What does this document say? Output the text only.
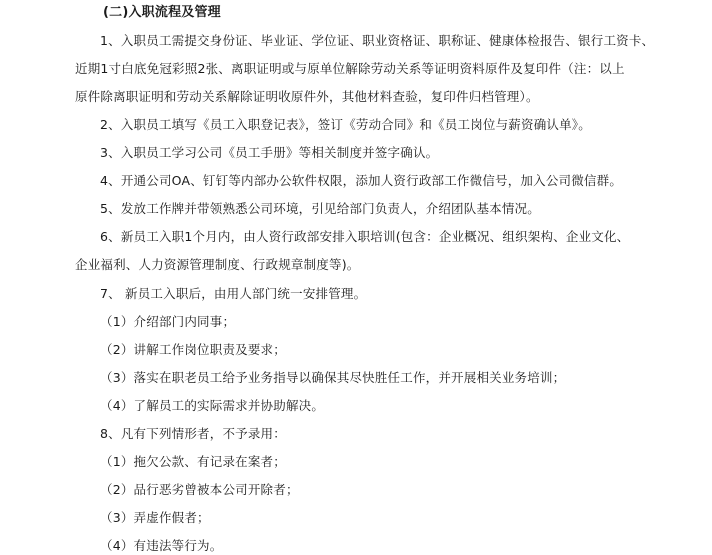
(二)入职流程及管理
1、入职员工需提交身份证、毕业证、学位证、职业资格证、职称证、健康体检报告、银行工资卡、
近期1寸白底免冠彩照2张、离职证明或与原单位解除劳动关系等证明资料原件及复印件（注：以上
原件除离职证明和劳动关系解除证明收原件外，其他材料查验，复印件归档管理）。
2、入职员工填写《员工入职登记表》，签订《劳动合同》和《员工岗位与薪资确认单》。
3、入职员工学习公司《员工手册》等相关制度并签字确认。
4、开通公司OA、钉钉等内部办公软件权限，添加人资行政部工作微信号，加入公司微信群。
5、发放工作牌并带领熟悉公司环境，引见给部门负责人，介绍团队基本情况。
6、新员工入职1个月内，由人资行政部安排入职培训(包含：企业概况、组织架构、企业文化、
企业福利、人力资源管理制度、行政规章制度等)。
7、 新员工入职后，由用人部门统一安排管理。
（1）介绍部门内同事；
（2）讲解工作岗位职责及要求；
（3）落实在职老员工给予业务指导以确保其尽快胜任工作，并开展相关业务培训；
（4）了解员工的实际需求并协助解决。
8、凡有下列情形者，不予录用：
（1）拖欠公款、有记录在案者；
（2）品行恶劣曾被本公司开除者；
（3）弄虚作假者；
（4）有违法等行为。
